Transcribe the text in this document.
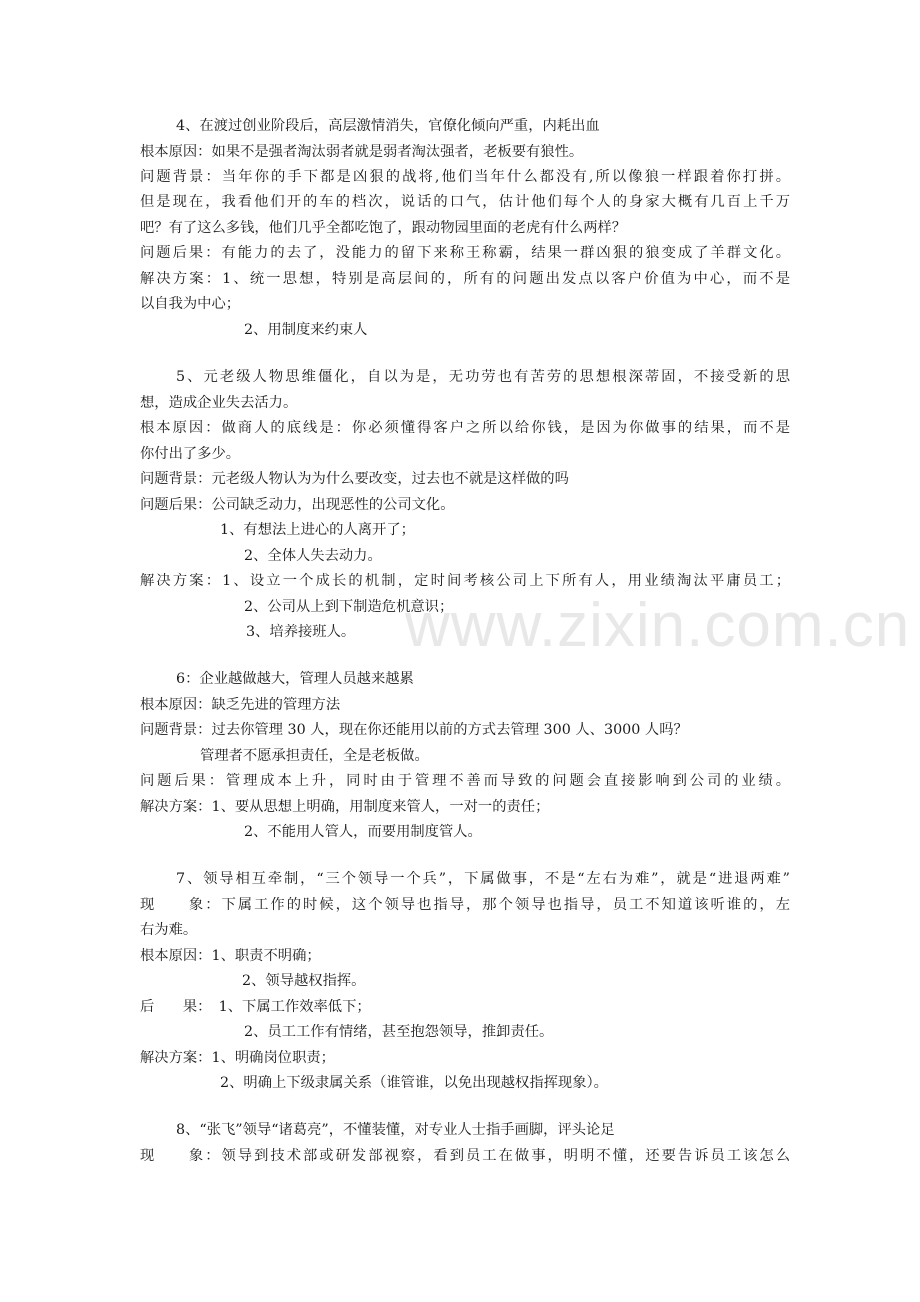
www.zixin.com.cn
4、在渡过创业阶段后，高层激情消失，官僚化倾向严重，内耗出血
根本原因：如果不是强者淘汰弱者就是弱者淘汰强者，老板要有狼性。
问题背景：当年你的手下都是凶狠的战将,他们当年什么都没有,所以像狼一样跟着你打拼。
但是现在，我看他们开的车的档次，说话的口气，估计他们每个人的身家大概有几百上千万
吧？有了这么多钱，他们几乎全都吃饱了，跟动物园里面的老虎有什么两样？
问题后果：有能力的去了，没能力的留下来称王称霸，结果一群凶狠的狼变成了羊群文化。
解决方案：1、统一思想，特别是高层间的，所有的问题出发点以客户价值为中心，而不是
以自我为中心；
2、用制度来约束人
5、元老级人物思维僵化，自以为是，无功劳也有苦劳的思想根深蒂固，不接受新的思
想，造成企业失去活力。
根本原因：做商人的底线是：你必须懂得客户之所以给你钱，是因为你做事的结果，而不是
你付出了多少。
问题背景：元老级人物认为为什么要改变，过去也不就是这样做的吗
问题后果：公司缺乏动力，出现恶性的公司文化。
1、有想法上进心的人离开了；
2、全体人失去动力。
解决方案：1、设立一个成长的机制，定时间考核公司上下所有人，用业绩淘汰平庸员工；
2、公司从上到下制造危机意识；
3、培养接班人。
6：企业越做越大，管理人员越来越累
根本原因：缺乏先进的管理方法
问题背景：过去你管理 30 人，现在你还能用以前的方式去管理 300 人、3000 人吗？
管理者不愿承担责任，全是老板做。
问题后果：管理成本上升，同时由于管理不善而导致的问题会直接影响到公司的业绩。
解决方案：1、要从思想上明确，用制度来管人，一对一的责任；
2、不能用人管人，而要用制度管人。
7、领导相互牵制，“三个领导一个兵”，下属做事，不是“左右为难”，就是“进退两难”
现　　象：下属工作的时候，这个领导也指导，那个领导也指导，员工不知道该听谁的，左
右为难。
根本原因：1、职责不明确；
2、领导越权指挥。
后　　果：　1、下属工作效率低下；
2、员工工作有情绪，甚至抱怨领导，推卸责任。
解决方案：1、明确岗位职责；
2、明确上下级隶属关系（谁管谁，以免出现越权指挥现象）。
8、“张飞”领导“诸葛亮”，不懂装懂，对专业人士指手画脚，评头论足
现　　象：领导到技术部或研发部视察，看到员工在做事，明明不懂，还要告诉员工该怎么
